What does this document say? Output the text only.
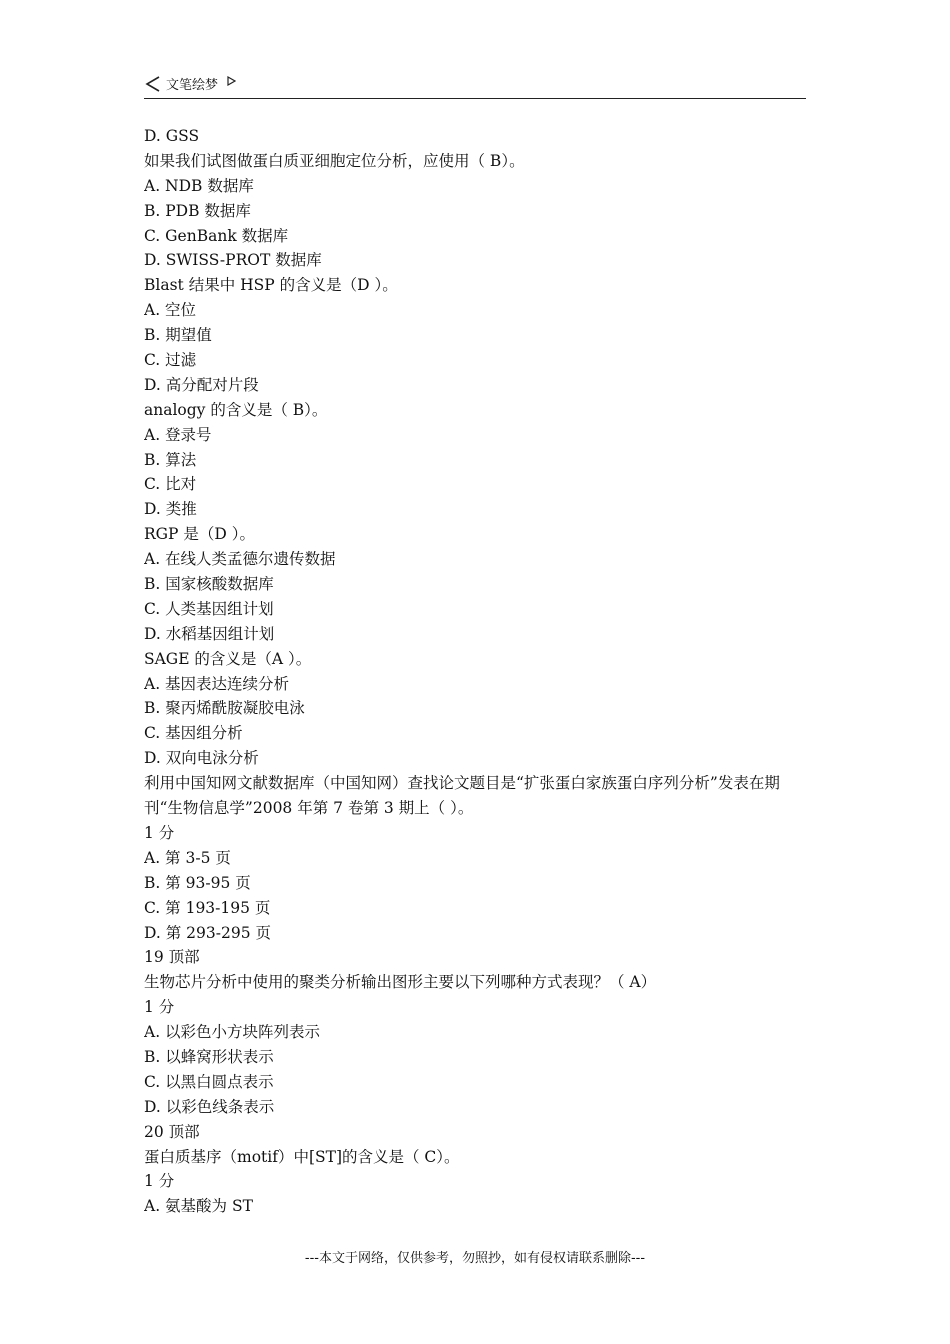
文笔绘梦
D. GSS
如果我们试图做蛋白质亚细胞定位分析，应使用（ B）。
A. NDB 数据库
B. PDB 数据库
C. GenBank 数据库
D. SWISS-PROT 数据库
Blast 结果中 HSP 的含义是（D ）。
A. 空位
B. 期望值
C. 过滤
D. 高分配对片段
analogy 的含义是（ B）。
A. 登录号
B. 算法
C. 比对
D. 类推
RGP 是（D ）。
A. 在线人类孟德尔遗传数据
B. 国家核酸数据库
C. 人类基因组计划
D. 水稻基因组计划
SAGE 的含义是（A ）。
A. 基因表达连续分析
B. 聚丙烯酰胺凝胶电泳
C. 基因组分析
D. 双向电泳分析
利用中国知网文献数据库（中国知网）查找论文题目是“扩张蛋白家族蛋白序列分析”发表在期刊“生物信息学”2008 年第 7 卷第 3 期上（ ）。
1 分
A. 第 3-5 页
B. 第 93-95 页
C. 第 193-195 页
D. 第 293-295 页
19 顶部
生物芯片分析中使用的聚类分析输出图形主要以下列哪种方式表现？（ A）
1 分
A. 以彩色小方块阵列表示
B. 以蜂窝形状表示
C. 以黑白圆点表示
D. 以彩色线条表示
20 顶部
蛋白质基序（motif）中[ST]的含义是（ C）。
1 分
A. 氨基酸为 ST
---本文于网络，仅供参考，勿照抄，如有侵权请联系删除---
